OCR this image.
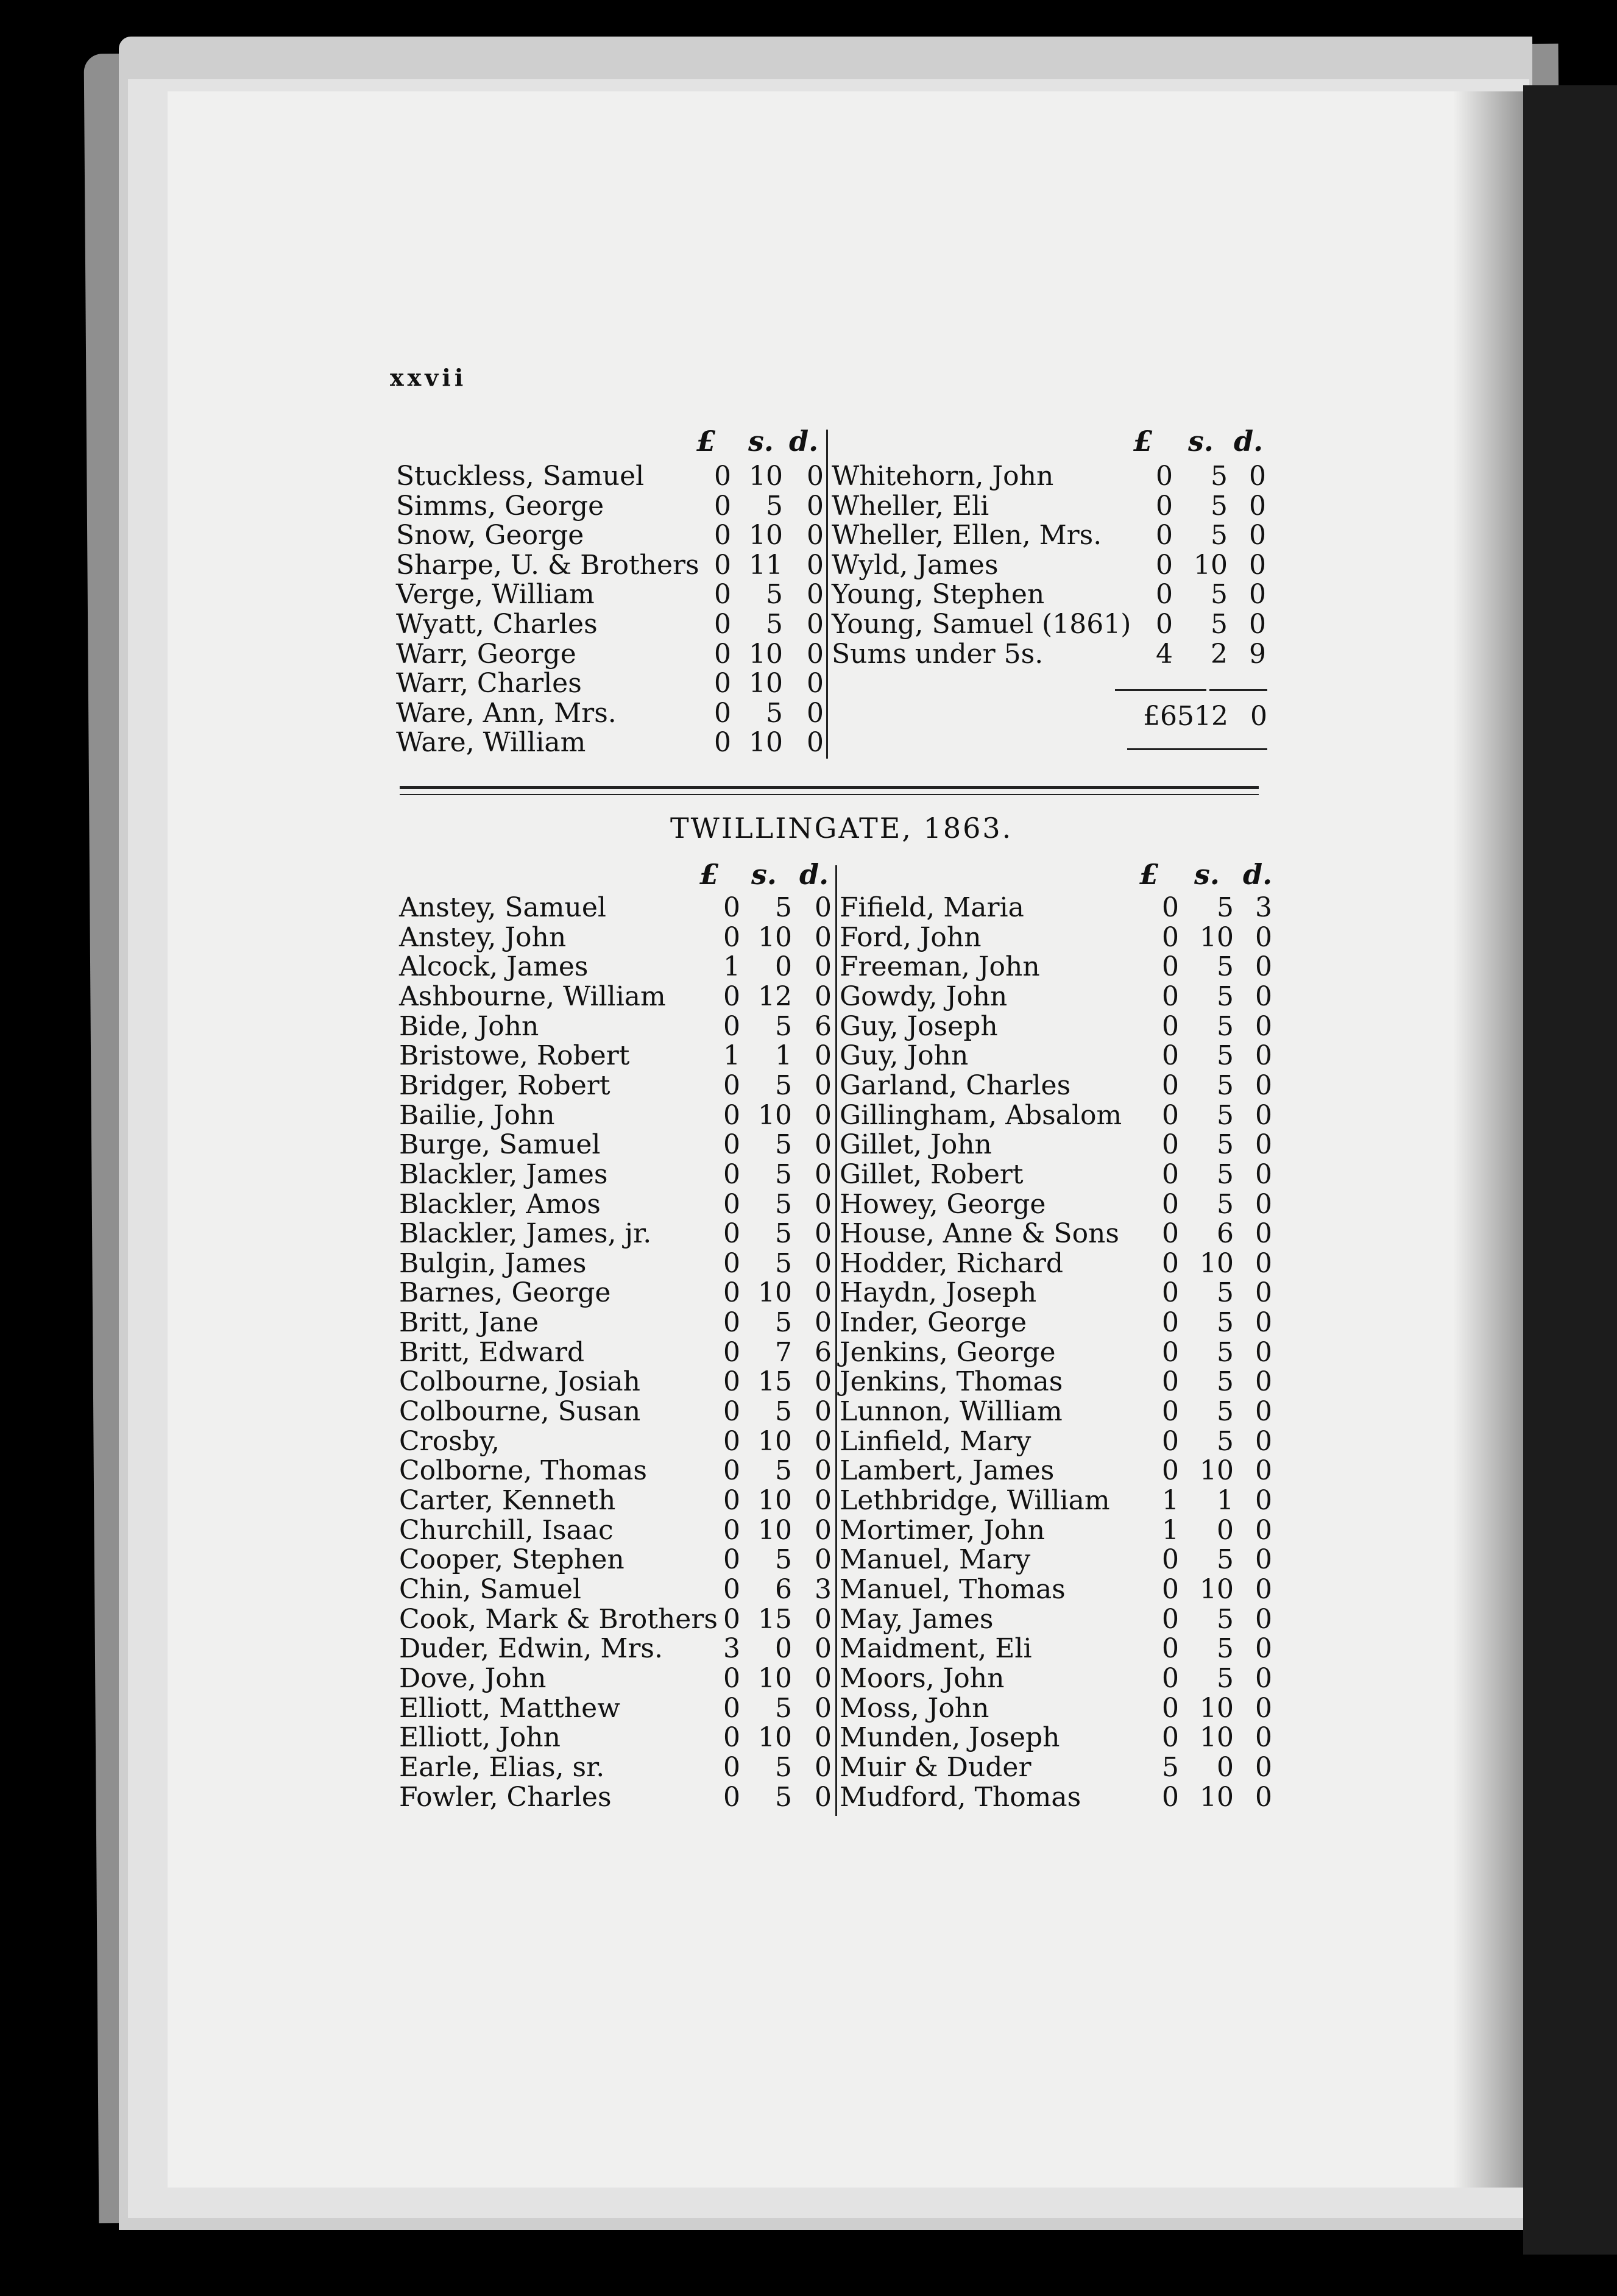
xxvii
£ s. d.	£ s. d.
Stuckless, Samuel	0 10 0
Simms, George	0	5 0
Snow, George	0 10 0
Sharpe, U. & Brothers 0 11 0
Verge, William	0	5 0
Wyatt, Charles	0	5 0
Warr, George	0 10 0
Warr, Charles	0 10 0
Ware, Ann, Mrs.	0	5 0
Ware, William	0 10 0
Whitehorn, John	0	5 0
Wheller, Eli	0	5 0
Wheller, Ellen, Mrs.	0	5 0
Wyld, James	0 10 0
Young, Stephen	0	5 0
Young, Samuel (1861) 0	5 0
Sums under 5s.	4	2 9
£65 12 0
TWILLINGATE, 1863.
£ s. d.	£ s. d.
Anstey, Samuel	0	5 0
Anstey, John	0 10 0
Alcock, James	1	0 0
Ashbourne, William	0 12 0
Bide, John	0	5 6
Bristowe, Robert	1	1 0
Bridger, Robert	0	5 0
Bailie, John	0 10 0
Burge, Samuel	0	5 0
Blackler, James	0	5 0
Blackler, Amos	0	5 0
Blackler, James, jr.	0	5 0
Bulgin, James	0	5 0
Barnes, George	0 10 0
Britt, Jane	0	5 0
Britt, Edward	0	7 6
Colbourne, Josiah	0 15 0
Colbourne, Susan	0	5 0
Crosby,	0 10 0
Colborne, Thomas	0	5 0
Carter, Kenneth	0 10 0
Churchill, Isaac	0 10 0
Cooper, Stephen	0	5 0
Chin, Samuel	0	6 3
Cook, Mark & Brothers 0 15 0
Duder, Edwin, Mrs.	3	0 0
Dove, John	0 10 0
Elliott, Matthew	0	5 0
Elliott, John	0 10 0
Earle, Elias, sr.	0	5 0
Fowler, Charles	0	5 0
Fifield, Maria	0	5 3
Ford, John	0 10 0
Freeman, John	0	5 0
Gowdy, John	0	5 0
Guy, Joseph	0	5 0
Guy, John	0	5 0
Garland, Charles	0	5 0
Gillingham, Absalom	0	5 0
Gillet, John	0	5 0
Gillet, Robert	0	5 0
Howey, George	0	5 0
House, Anne & Sons	0	6 0
Hodder, Richard	0 10 0
Haydn, Joseph	0	5 0
Inder, George	0	5 0
Jenkins, George	0	5 0
Jenkins, Thomas	0	5 0
Lunnon, William	0	5 0
Linfield, Mary	0	5 0
Lambert, James	0 10 0
Lethbridge, William	1	1 0
Mortimer, John	1	0 0
Manuel, Mary	0	5 0
Manuel, Thomas	0 10 0
May, James	0	5 0
Maidment, Eli	0	5 0
Moors, John	0	5 0
Moss, John	0 10 0
Munden, Joseph	0 10 0
Muir & Duder	5	0 0
Mudford, Thomas	0 10 0
